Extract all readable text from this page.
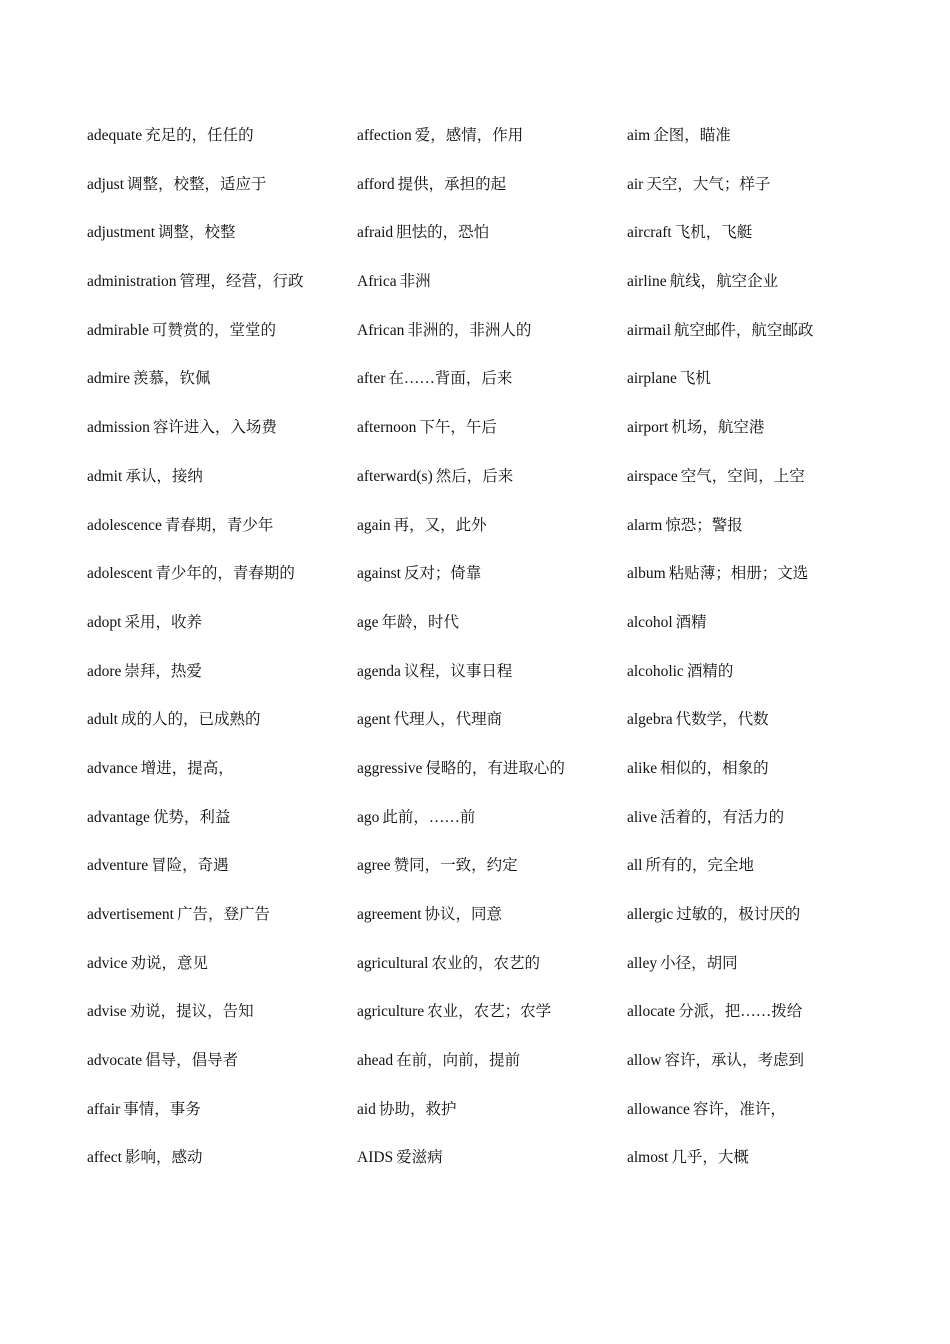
adequate 充足的，任任的
adjust 调整，校整，适应于
adjustment 调整，校整
administration 管理，经营，行政
admirable 可赞赏的，堂堂的
admire 羡慕，钦佩
admission 容许进入，入场费
admit 承认，接纳
adolescence 青春期，青少年
adolescent 青少年的，青春期的
adopt 采用，收养
adore 崇拜，热爱
adult 成的人的，已成熟的
advance 增进，提高，
advantage 优势，利益
adventure 冒险，奇遇
advertisement 广告，登广告
advice 劝说，意见
advise 劝说，提议，告知
advocate 倡导，倡导者
affair 事情，事务
affect 影响，感动
affection 爱，感情，作用
afford 提供，承担的起
afraid 胆怯的，恐怕
Africa 非洲
African 非洲的，非洲人的
after 在……背面，后来
afternoon 下午，午后
afterward(s) 然后，后来
again 再，又，此外
against 反对；倚靠
age 年龄，时代
agenda 议程，议事日程
agent 代理人，代理商
aggressive 侵略的，有进取心的
ago 此前，……前
agree 赞同，一致，约定
agreement 协议，同意
agricultural 农业的，农艺的
agriculture 农业，农艺；农学
ahead 在前，向前，提前
aid 协助，救护
AIDS 爱滋病
aim 企图，瞄准
air 天空，大气；样子
aircraft 飞机，飞艇
airline 航线，航空企业
airmail 航空邮件，航空邮政
airplane 飞机
airport 机场，航空港
airspace 空气，空间，上空
alarm 惊恐；警报
album 粘贴薄；相册；文选
alcohol 酒精
alcoholic 酒精的
algebra 代数学，代数
alike 相似的，相象的
alive 活着的，有活力的
all 所有的，完全地
allergic 过敏的，极讨厌的
alley 小径，胡同
allocate 分派，把……拨给
allow 容许，承认，考虑到
allowance 容许，准许，
almost 几乎，大概
